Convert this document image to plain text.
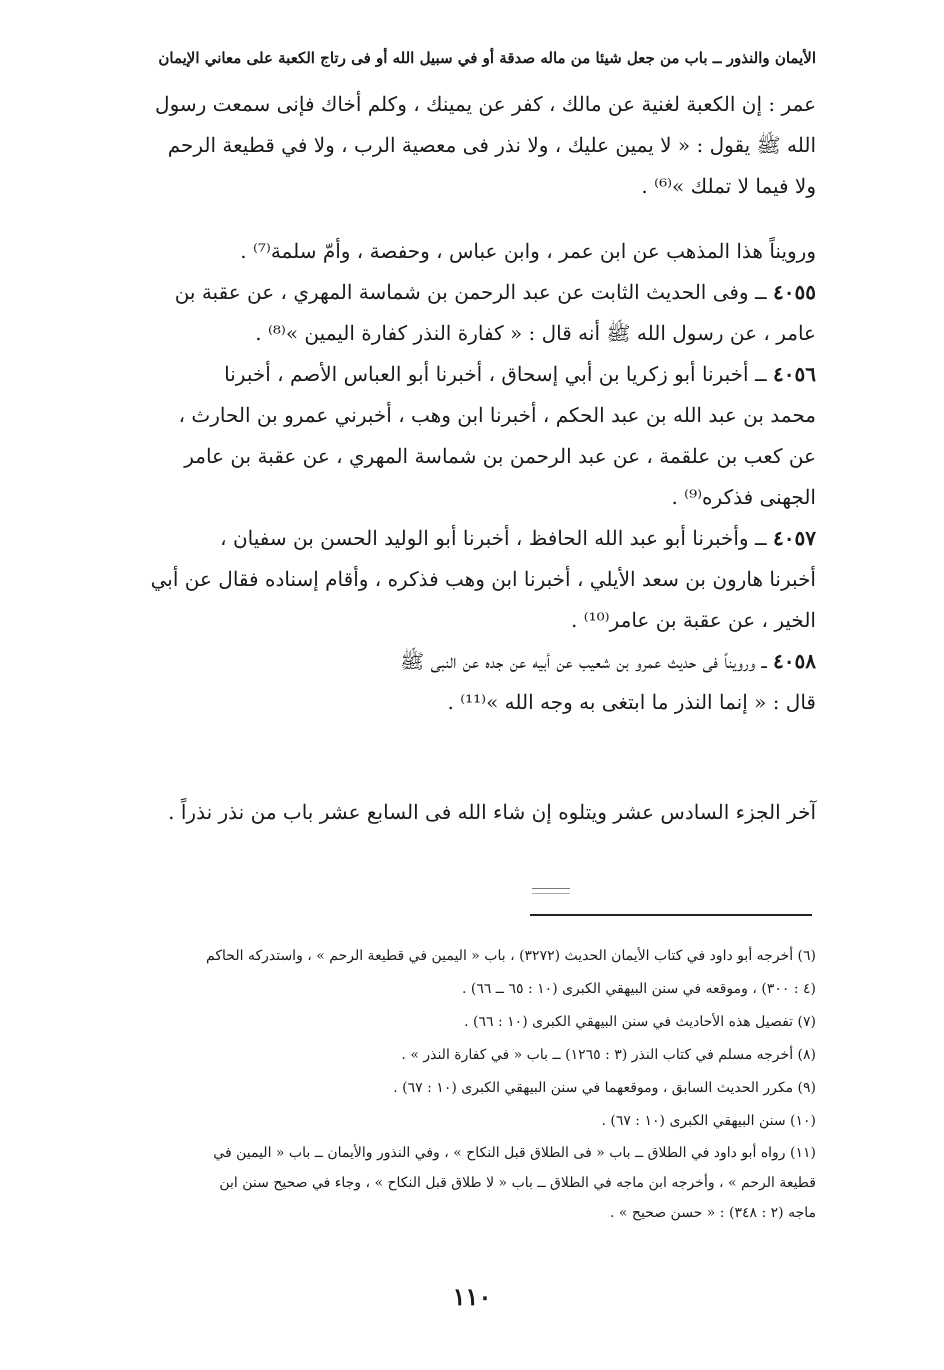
الأيمان والنذور ــ باب من جعل شيئا من ماله صدقة أو في سبيل الله أو فى رتاج الكعبة على معاني الإيمان
عمر : إن الكعبة لغنية عن مالك ، كفر عن يمينك ، وكلم أخاك فإنى سمعت رسول
الله ﷺ يقول : « لا يمين عليك ، ولا نذر فى معصية الرب ، ولا في قطيعة الرحم
ولا فيما لا تملك »⁽⁶⁾ .
ورويناً هذا المذهب عن ابن عمر ، وابن عباس ، وحفصة ، وأمّ سلمة⁽⁷⁾ .
٤٠٥٥ ــ وفى الحديث الثابت عن عبد الرحمن بن شماسة المهري ، عن عقبة بن
عامر ، عن رسول الله ﷺ أنه قال : « كفارة النذر كفارة اليمين »⁽⁸⁾ .
٤٠٥٦ ــ أخبرنا أبو زكريا بن أبي إسحاق ، أخبرنا أبو العباس الأصم ، أخبرنا
محمد بن عبد الله بن عبد الحكم ، أخبرنا ابن وهب ، أخبرني عمرو بن الحارث ،
عن كعب بن علقمة ، عن عبد الرحمن بن شماسة المهري ، عن عقبة بن عامر
الجهنى فذكره⁽⁹⁾ .
٤٠٥٧ ــ وأخبرنا أبو عبد الله الحافظ ، أخبرنا أبو الوليد الحسن بن سفيان ،
أخبرنا هارون بن سعد الأيلي ، أخبرنا ابن وهب فذكره ، وأقام إسناده فقال عن أبي
الخير ، عن عقبة بن عامر⁽¹⁰⁾ .
٤٠٥٨ ــ ورويناً فى حديث عمرو بن شعيب عن أبيه عن جده عن النبى ﷺ
قال : « إنما النذر ما ابتغى به وجه الله »⁽¹¹⁾ .
آخر الجزء السادس عشر ويتلوه إن شاء الله فى السابع عشر باب من نذر نذراً .
(٦) أخرجه أبو داود في كتاب الأيمان الحديث (٣٢٧٢) ، باب « اليمين في قطيعة الرحم » ، واستدركه الحاكم
(٤ : ٣٠٠) ، وموقعه في سنن البيهقي الكبرى (١٠ : ٦٥ ــ ٦٦) .
(٧) تفصيل هذه الأحاديث في سنن البيهقي الكبرى (١٠ : ٦٦) .
(٨) أخرجه مسلم في كتاب النذر (٣ : ١٢٦٥) ــ باب « في كفارة النذر » .
(٩) مكرر الحديث السابق ، وموقعهما في سنن البيهقي الكبرى (١٠ : ٦٧) .
(١٠) سنن البيهقي الكبرى (١٠ : ٦٧) .
(١١) رواه أبو داود في الطلاق ــ باب « فى الطلاق قبل النكاح » ، وفي النذور والأيمان ــ باب « اليمين في
قطيعة الرحم » ، وأخرجه ابن ماجه في الطلاق ــ باب « لا طلاق قبل النكاح » ، وجاء في صحيح سنن ابن
ماجه (٢ : ٣٤٨) : « حسن صحيح » .
١١٠
